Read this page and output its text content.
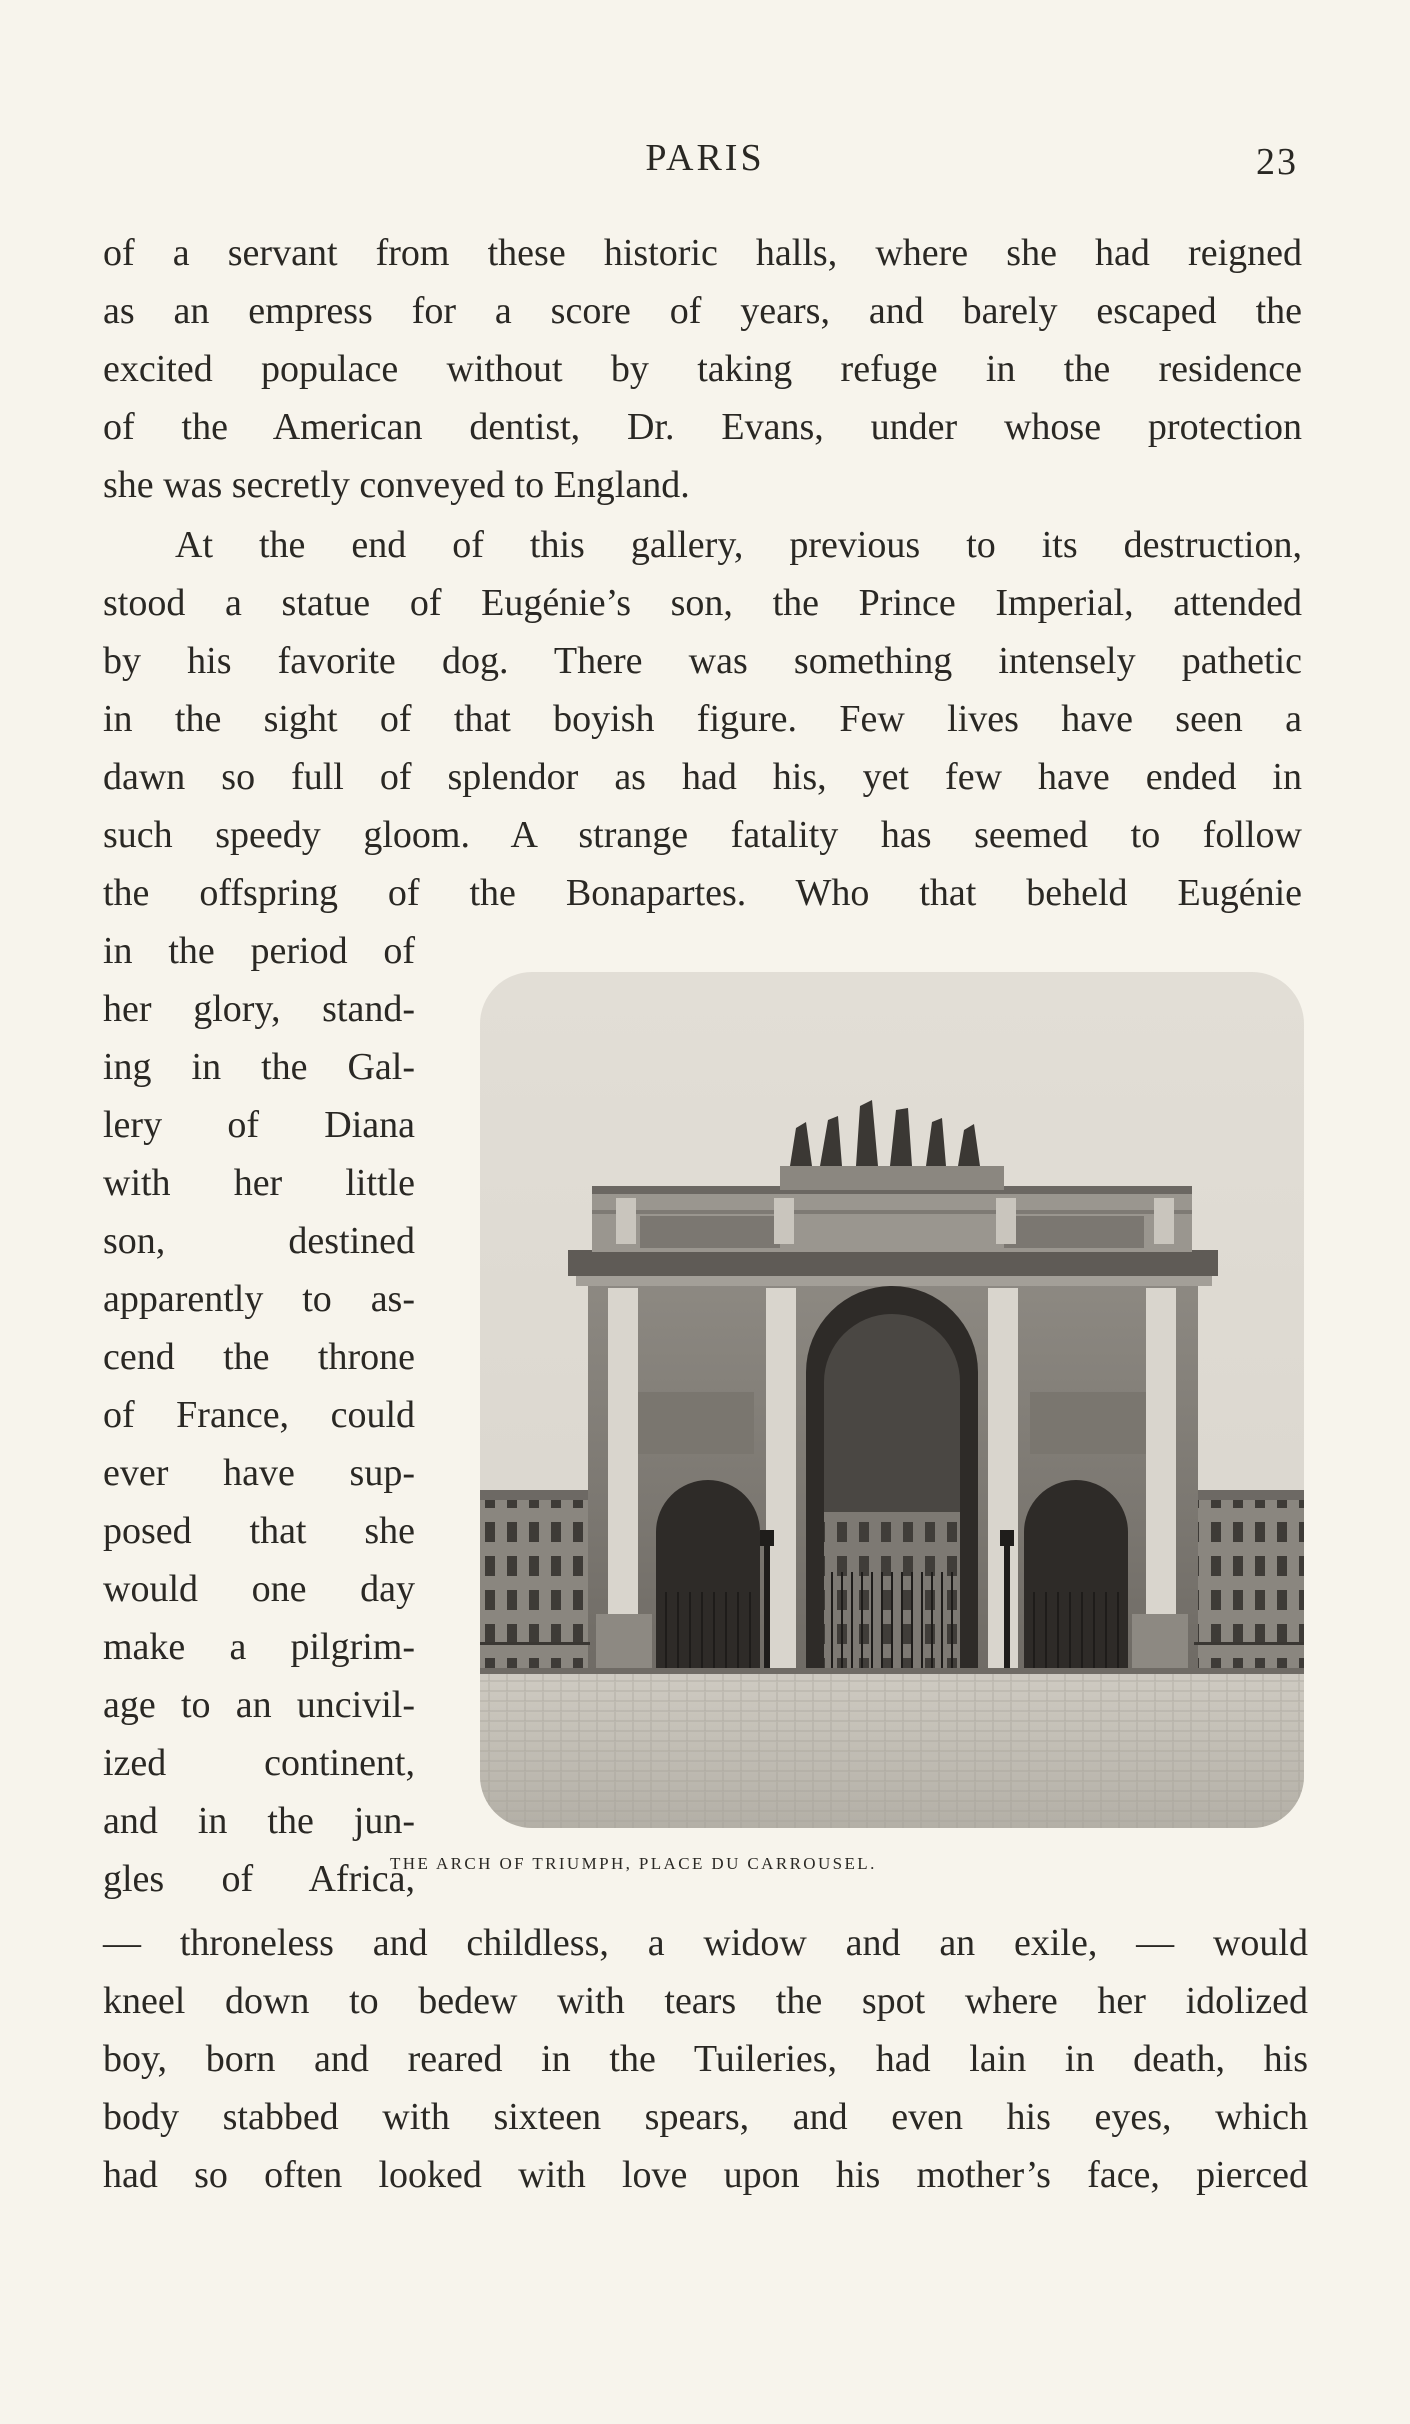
PARIS	23
of a servant from these historic halls, where she had reigned
as an empress for a score of years, and barely escaped the
excited populace without by taking refuge in the residence
of the American dentist, Dr. Evans, under whose protection
she was secretly conveyed to England.
At the end of this gallery, previous to its destruction,
stood a statue of Eugénie’s son, the Prince Imperial, attended
by his favorite dog. There was something intensely pathetic
in the sight of that boyish figure. Few lives have seen a
dawn so full of splendor as had his, yet few have ended in
such speedy gloom. A strange fatality has seemed to follow
the offspring of the Bonapartes. Who that beheld Eugénie
in the period of
her glory, stand-
ing in the Gal-
lery of Diana
with her little
son, destined
apparently to as-
cend the throne
of France, could
ever have sup-
posed that she
would one day
make a pilgrim-
age to an uncivil-
ized continent,
and in the jun-
gles of Africa,
— throneless and childless, a widow and an exile, — would
kneel down to bedew with tears the spot where her idolized
boy, born and reared in the Tuileries, had lain in death, his
body stabbed with sixteen spears, and even his eyes, which
had so often looked with love upon his mother’s face, pierced
THE ARCH OF TRIUMPH, PLACE DU CARROUSEL.
